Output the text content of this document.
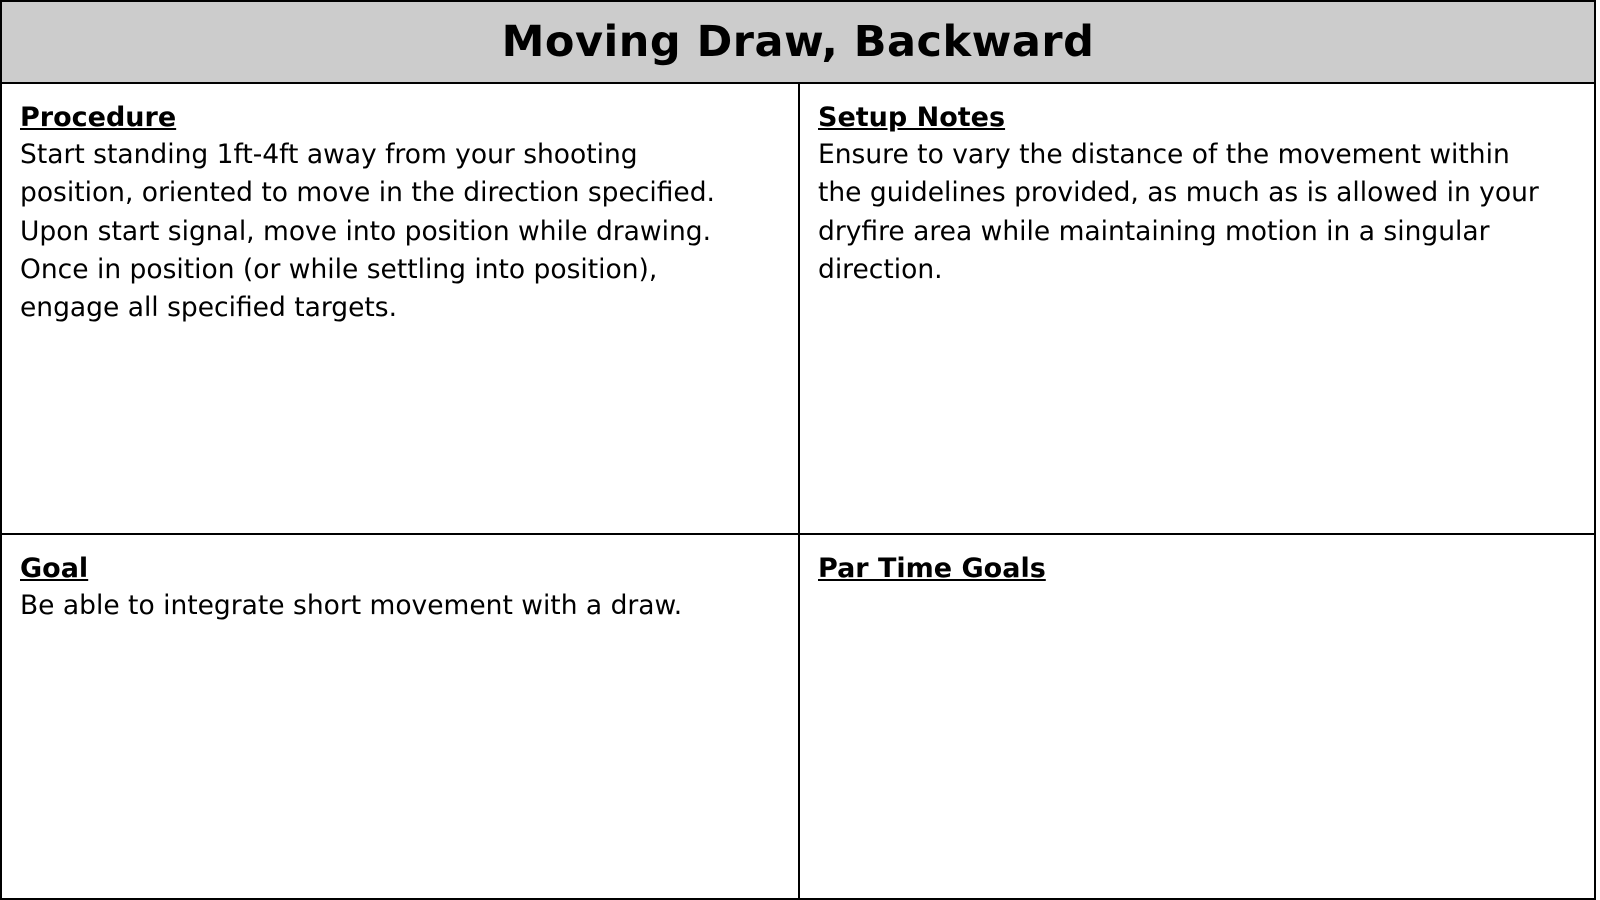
Moving Draw, Backward
Procedure

Start standing 1ft-4ft away from your shooting

position, oriented to move in the direction specified.

Upon start signal, move into position while drawing.

Once in position (or while settling into position),

engage all specified targets.

Setup Notes

Ensure to vary the distance of the movement within

the guidelines provided, as much as is allowed in your

dryfire area while maintaining motion in a singular

direction.

Goal

Be able to integrate short movement with a draw.

Par Time Goals
